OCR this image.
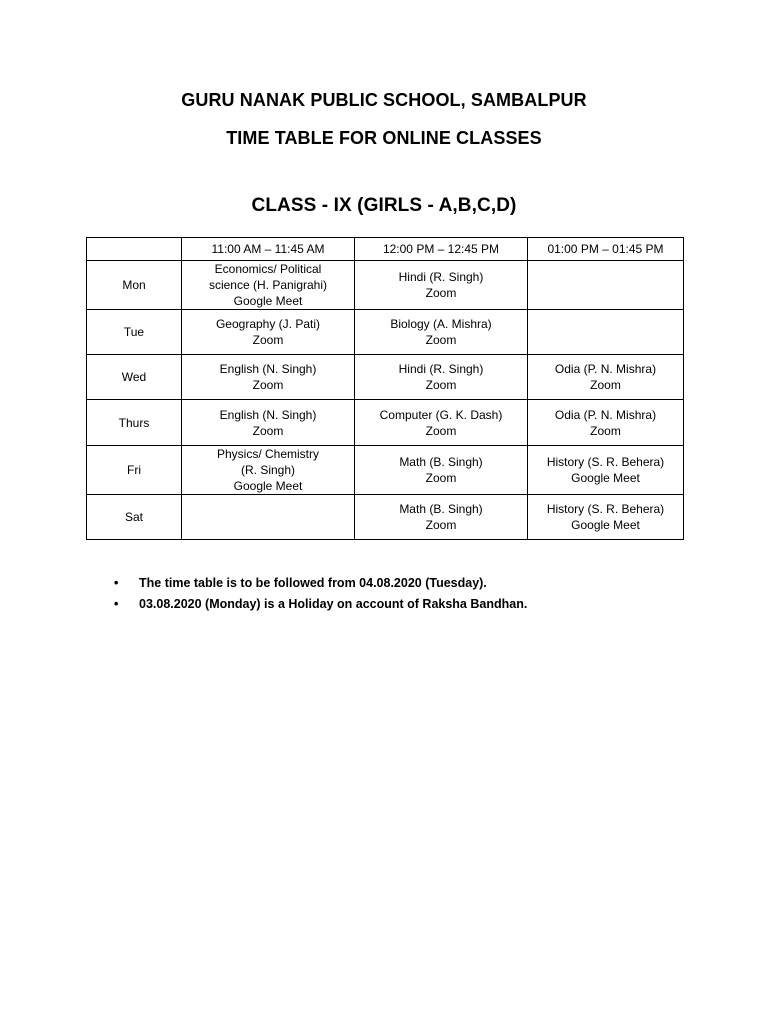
GURU NANAK PUBLIC SCHOOL, SAMBALPUR
TIME TABLE FOR ONLINE CLASSES
CLASS - IX (GIRLS - A,B,C,D)
	11:00 AM – 11:45 AM	12:00 PM – 12:45 PM	01:00 PM – 01:45 PM
Mon	Economics/ Political
science (H. Panigrahi)
Google Meet	Hindi (R. Singh)
Zoom	

Tue	Geography (J. Pati)
Zoom	Biology (A. Mishra)
Zoom	

Wed	English (N. Singh)
Zoom	Hindi (R. Singh)
Zoom	Odia (P. N. Mishra)
Zoom

Thurs	English (N. Singh)
Zoom	Computer (G. K. Dash)
Zoom	Odia (P. N. Mishra)
Zoom

Fri	Physics/ Chemistry
(R. Singh)
Google Meet	Math (B. Singh)
Zoom	History (S. R. Behera)
Google Meet

Sat		Math (B. Singh)
Zoom	History (S. R. Behera)
Google Meet
• The time table is to be followed from 04.08.2020 (Tuesday).
• 03.08.2020 (Monday) is a Holiday on account of Raksha Bandhan.
